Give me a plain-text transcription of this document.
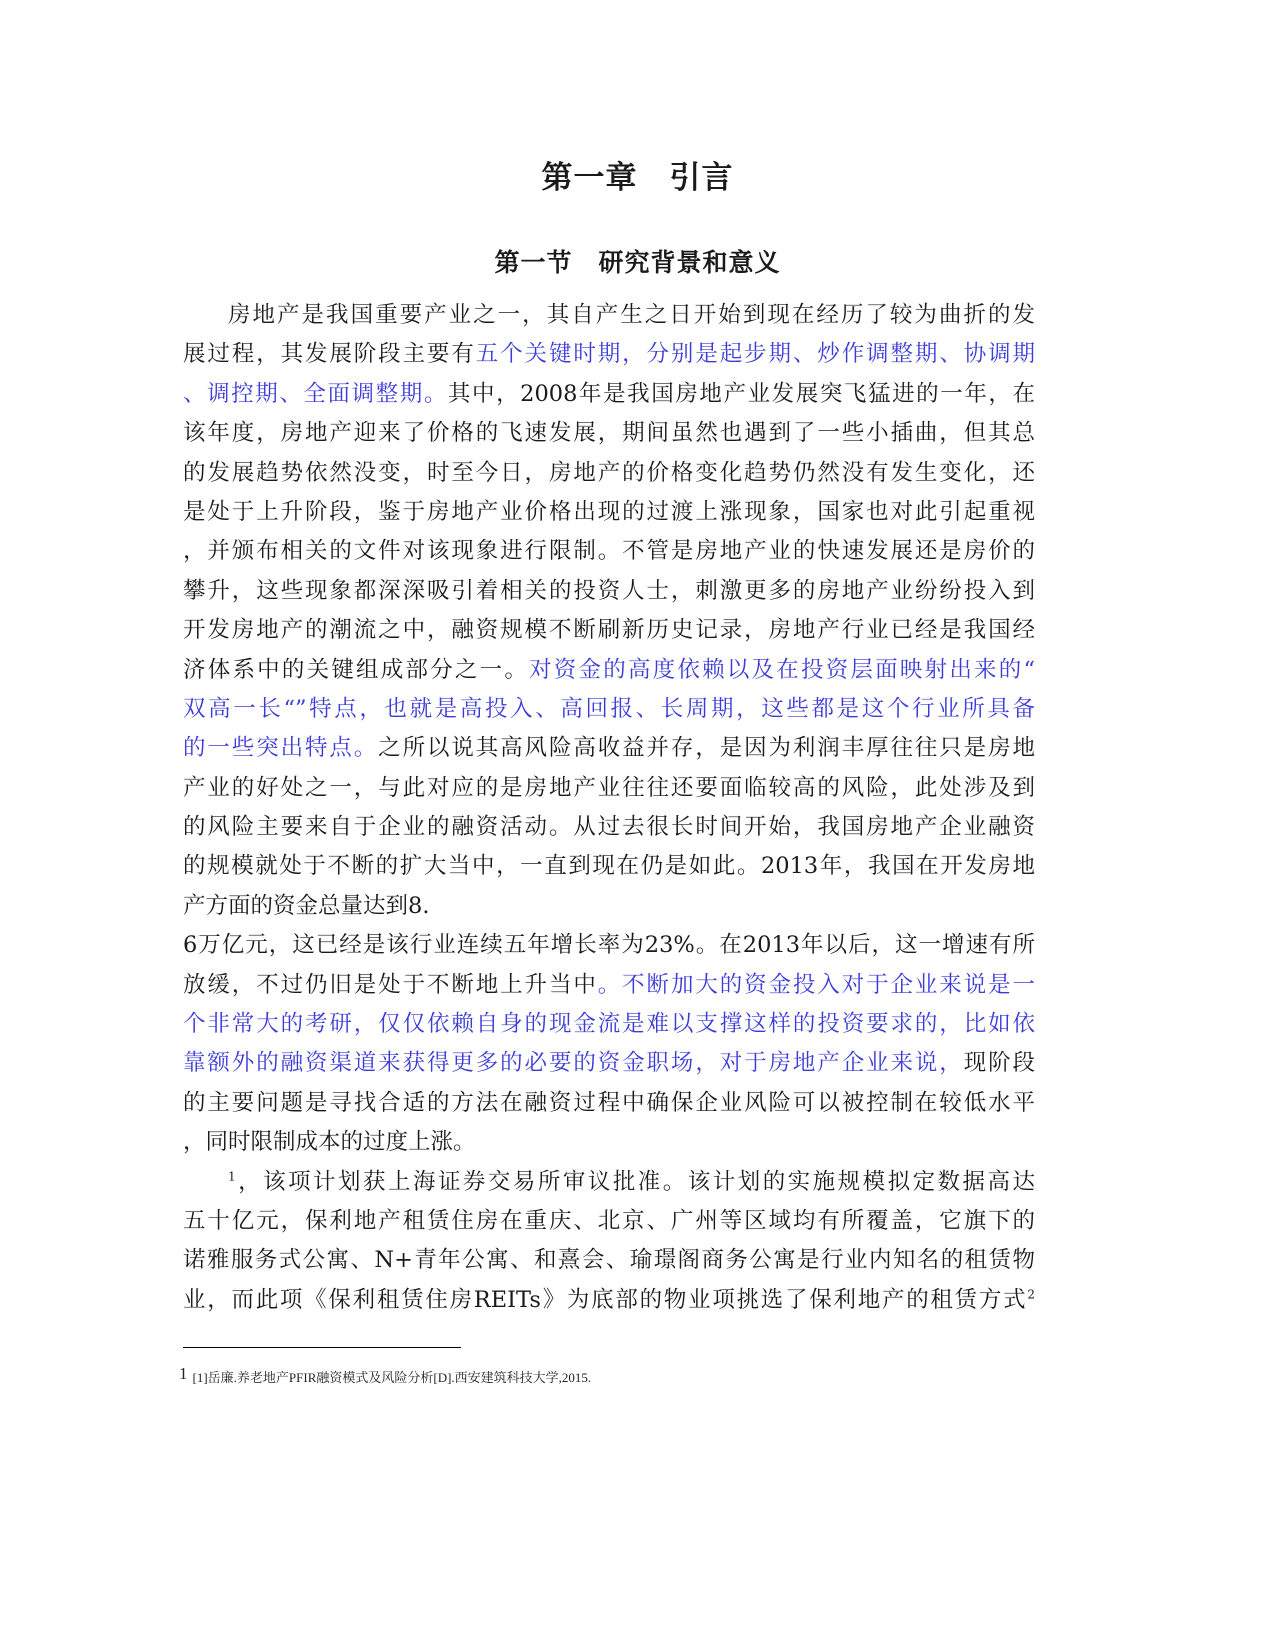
第一章　引言
第一节　研究背景和意义
房地产是我国重要产业之一，其自产生之日开始到现在经历了较为曲折的发
展过程，其发展阶段主要有五个关键时期，分别是起步期、炒作调整期、协调期
、调控期、全面调整期。其中，2008年是我国房地产业发展突飞猛进的一年，在
该年度，房地产迎来了价格的飞速发展，期间虽然也遇到了一些小插曲，但其总
的发展趋势依然没变，时至今日，房地产的价格变化趋势仍然没有发生变化，还
是处于上升阶段，鉴于房地产业价格出现的过渡上涨现象，国家也对此引起重视
，并颁布相关的文件对该现象进行限制。不管是房地产业的快速发展还是房价的
攀升，这些现象都深深吸引着相关的投资人士，刺激更多的房地产业纷纷投入到
开发房地产的潮流之中，融资规模不断刷新历史记录，房地产行业已经是我国经
济体系中的关键组成部分之一。对资金的高度依赖以及在投资层面映射出来的“
双高一长“”特点，也就是高投入、高回报、长周期，这些都是这个行业所具备
的一些突出特点。之所以说其高风险高收益并存，是因为利润丰厚往往只是房地
产业的好处之一，与此对应的是房地产业往往还要面临较高的风险，此处涉及到
的风险主要来自于企业的融资活动。从过去很长时间开始，我国房地产企业融资
的规模就处于不断的扩大当中，一直到现在仍是如此。2013年，我国在开发房地
产方面的资金总量达到8.
6万亿元，这已经是该行业连续五年增长率为23%。在2013年以后，这一增速有所
放缓，不过仍旧是处于不断地上升当中。不断加大的资金投入对于企业来说是一
个非常大的考研，仅仅依赖自身的现金流是难以支撑这样的投资要求的，比如依
靠额外的融资渠道来获得更多的必要的资金职场，对于房地产企业来说，现阶段
的主要问题是寻找合适的方法在融资过程中确保企业风险可以被控制在较低水平
，同时限制成本的过度上涨。
$^1$，该项计划获上海证券交易所审议批准。该计划的实施规模拟定数据高达
五十亿元，保利地产租赁住房在重庆、北京、广州等区域均有所覆盖，它旗下的
诺雅服务式公寓、N+青年公寓、和熹会、瑜璟阁商务公寓是行业内知名的租赁物
业，而此项《保利租赁住房REITs》为底部的物业项挑选了保利地产的租赁方式$^2$
1 [1]岳廉.养老地产PFIR融资模式及风险分析[D].西安建筑科技大学,2015.
